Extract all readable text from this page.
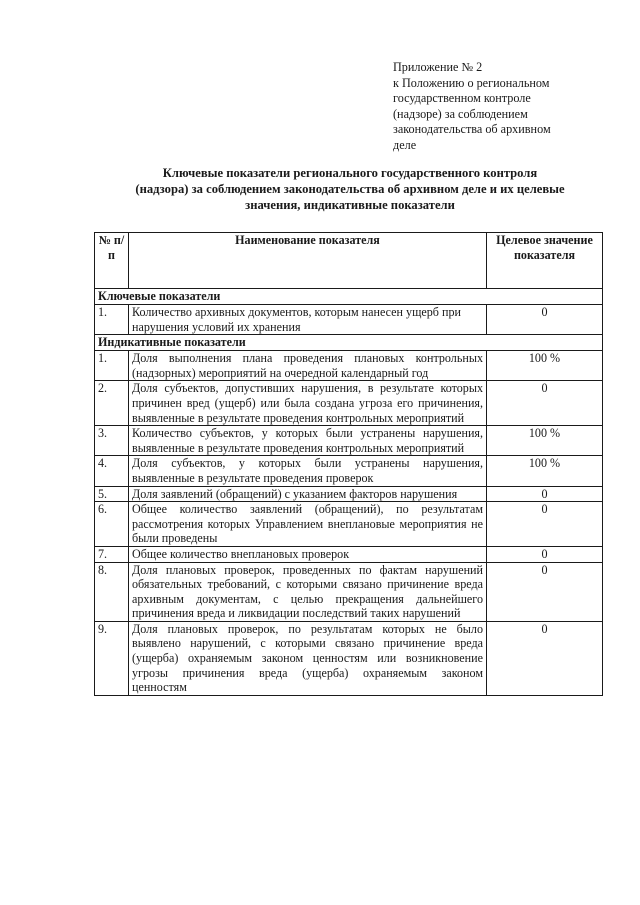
Приложение № 2
к Положению о региональном
государственном контроле
(надзоре) за соблюдением
законодательства об архивном
деле
Ключевые показатели регионального государственного контроля
(надзора) за соблюдением законодательства об архивном деле и их целевые
значения, индикативные показатели
№ п/п	Наименование показателя	Целевое значение показателя
Ключевые показатели		
1.	Количество архивных документов, которым нанесен ущерб при нарушения условий их хранения	0
Индикативные показатели		
1.	Доля выполнения плана проведения плановых контрольных (надзорных) мероприятий на очередной календарный год	100 %
2.	Доля субъектов, допустивших нарушения, в результате которых причинен вред (ущерб) или была создана угроза его причинения, выявленные в результате проведения контрольных мероприятий	0
3.	Количество субъектов, у которых были устранены нарушения, выявленные в результате проведения контрольных мероприятий	100 %
4.	Доля субъектов, у которых были устранены нарушения, выявленные в результате проведения проверок	100 %
5.	Доля заявлений (обращений) с указанием факторов нарушения	0
6.	Общее количество заявлений (обращений), по результатам рассмотрения которых Управлением внеплановые мероприятия не были проведены	0
7.	Общее количество внеплановых проверок	0
8.	Доля плановых проверок, проведенных по фактам нарушений обязательных требований, с которыми связано причинение вреда архивным документам, с целью прекращения дальнейшего причинения вреда и ликвидации последствий таких нарушений	0
9.	Доля плановых проверок, по результатам которых не было выявлено нарушений, с которыми связано причинение вреда (ущерба) охраняемым законом ценностям или возникновение угрозы причинения вреда (ущерба) охраняемым законом ценностям	0
